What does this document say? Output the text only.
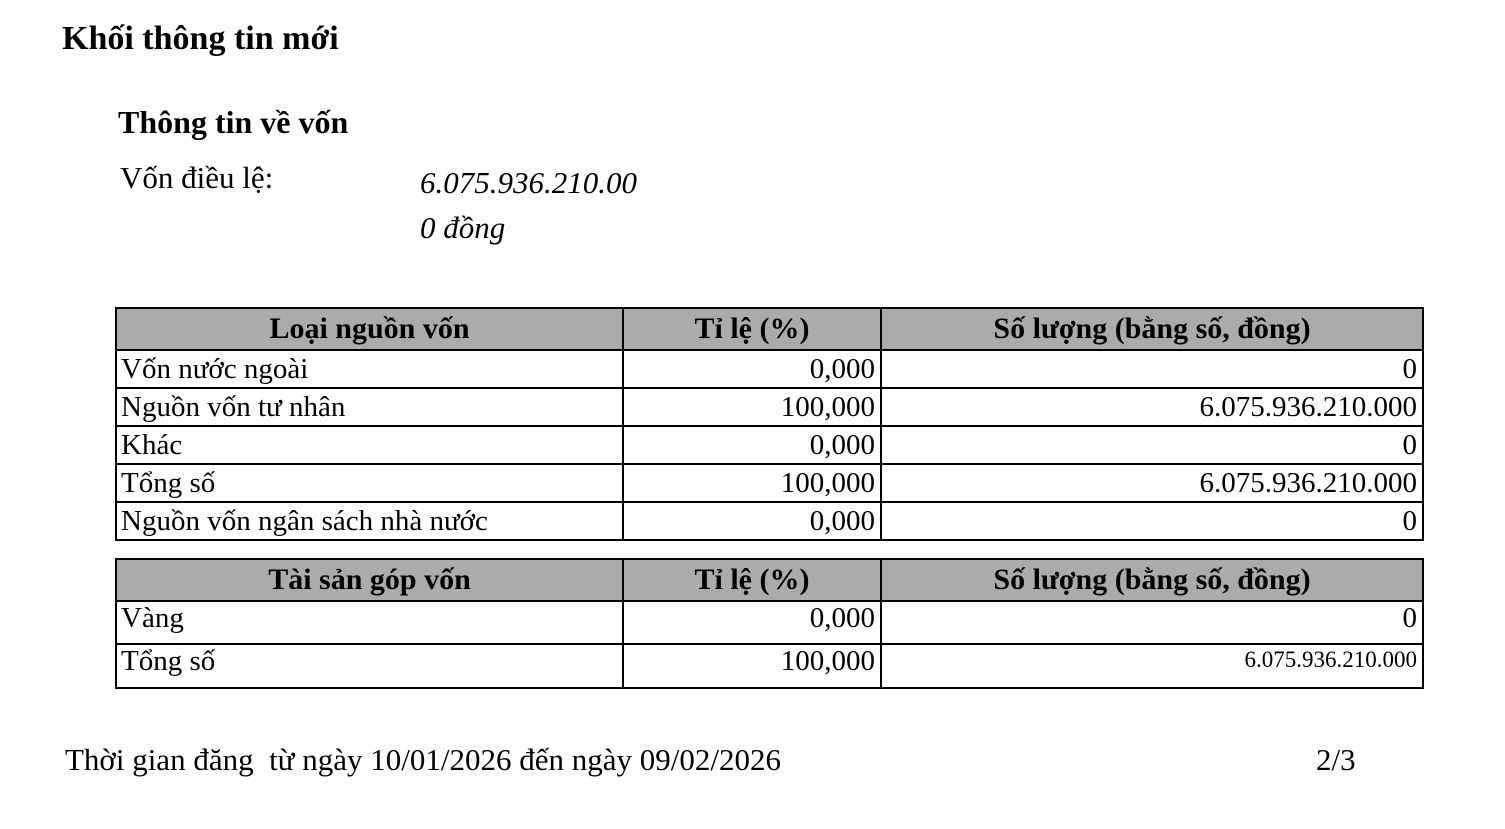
Khối thông tin mới
Thông tin về vốn
Vốn điều lệ:	6.075.936.210.00
0 đồng
Loại nguồn vốn	Tỉ lệ (%)	Số lượng (bằng số, đồng)
Vốn nước ngoài	0,000	0
Nguồn vốn tư nhân	100,000	6.075.936.210.000
Khác	0,000	0
Tổng số	100,000	6.075.936.210.000
Nguồn vốn ngân sách nhà nước	0,000	0
Tài sản góp vốn	Tỉ lệ (%)	Số lượng (bằng số, đồng)
Vàng	0,000	0
Tổng số	100,000	6.075.936.210.000
Thời gian đăng  từ ngày 10/01/2026 đến ngày 09/02/2026	2/3
